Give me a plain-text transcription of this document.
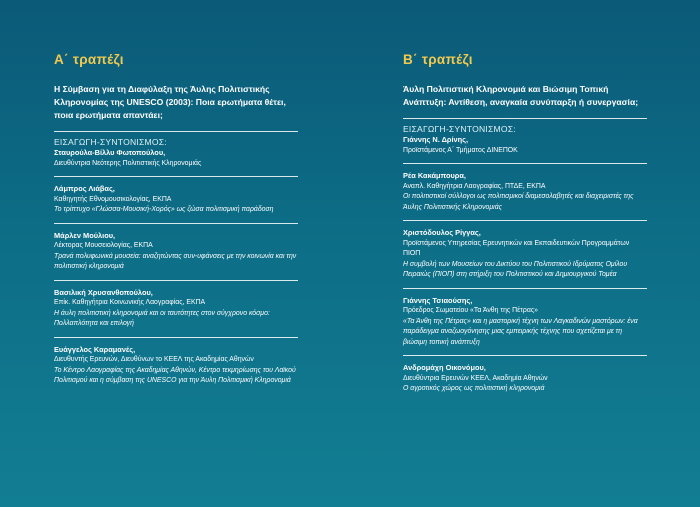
Α΄ τραπέζι

Η Σύμβαση για τη Διαφύλαξη της Άυλης Πολιτιστικής Κληρονομίας της UNESCO (2003): Ποια ερωτήματα θέτει, ποια ερωτήματα απαντάει;

ΕΙΣΑΓΩΓΗ-ΣΥΝΤΟΝΙΣΜΟΣ:
Σταυρούλα-Βίλλυ Φωτοπούλου,
Διευθύντρια Νεότερης Πολιτιστικής Κληρονομιάς
Λάμπρος Λιάβας,
Καθηγητής Εθνομουσικολογίας, ΕΚΠΑ
Το τρίπτυχο «Γλώσσα-Μουσική-Χορός» ως ζώσα πολιτισμική παράδοση
Μάρλεν Μούλιου,
Λέκτορας Μουσειολογίας, ΕΚΠΑ
Τρανά πολυφωνικά μουσεία: αναζητώντας συν-υφάνσεις με την κοινωνία και την πολιτιστική κληρονομιά
Βασιλική Χρυσανθοπούλου,
Επίκ. Καθηγήτρια Κοινωνικής Λαογραφίας, ΕΚΠΑ
Η άυλη πολιτιστική κληρονομιά και οι ταυτότητες στον σύγχρονο κόσμο: Πολλαπλότητα και επιλογή
Ευάγγελος Καραμανές,
Διευθυντής Ερευνών, Διευθύνων το ΚΕΕΛ της Ακαδημίας Αθηνών
Το Κέντρο Λαογραφίας της Ακαδημίας Αθηνών, Κέντρο τεκμηρίωσης του Λαϊκού Πολιτισμού και η σύμβαση της UNESCO για την Άυλη Πολιτισμική Κληρονομιά
Β΄ τραπέζι

Άυλη Πολιτιστική Κληρονομιά και Βιώσιμη Τοπική Ανάπτυξη: Αντίθεση, αναγκαία συνύπαρξη ή συνεργασία;

ΕΙΣΑΓΩΓΗ-ΣΥΝΤΟΝΙΣΜΟΣ:
Γιάννης Ν. Δρίνης,
Προϊστάμενος Α΄ Τμήματος ΔΙΝΕΠΟΚ
Ρέα Κακάμπουρα,
Αναπλ. Καθηγήτρια Λαογραφίας, ΠΤΔΕ, ΕΚΠΑ
Οι πολιτιστικοί σύλλογοι ως πολιτισμικοί διαμεσολαβητές και διαχειριστές της Άυλης Πολιτιστικής Κληρονομιάς
Χριστόδουλος Ρίγγας,
Προϊστάμενος Υπηρεσίας Ερευνητικών και Εκπαιδευτικών Προγραμμάτων ΠΙΟΠ
Η συμβολή των Μουσείων του Δικτύου του Πολιτιστικού Ιδρύματος Ομίλου Πειραιώς (ΠΙΟΠ) στη στήριξη του Πολιτιστικού και Δημιουργικού Τομέα
Γιάννης Τσιαούσης,
Πρόεδρος Σωματείου «Τα Άνθη της Πέτρας»
«Τα Άνθη της Πέτρας» και η μαστορική τέχνη των Λαγκαδινών μαστόρων: ένα παράδειγμα αναζωογόνησης μιας εμπειρικής τέχνης που σχετίζεται με τη βιώσιμη τοπική ανάπτυξη
Ανδρομάχη Οικονόμου,
Διευθύντρια Ερευνών ΚΕΕΛ, Ακαδημία Αθηνών
Ο αγροτικός χώρος ως πολιτιστική κληρονομιά
